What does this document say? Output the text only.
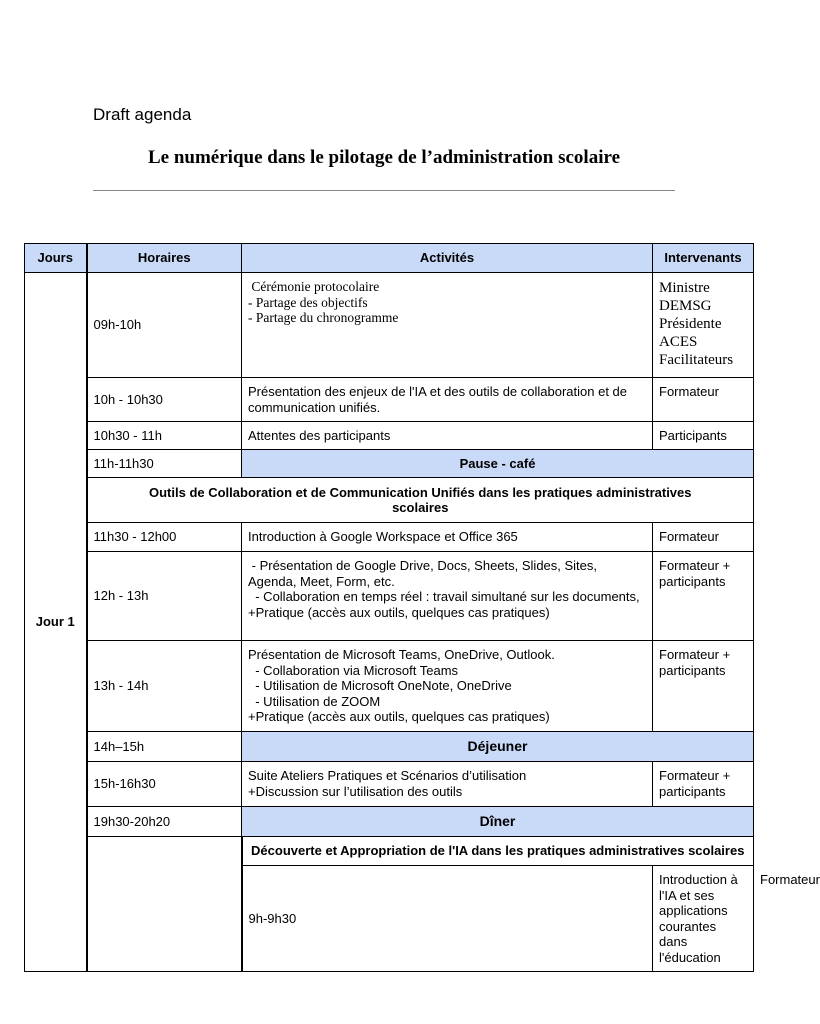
Draft agenda
Le numérique dans le pilotage de l’administration scolaire
Jours	Horaires	Activités	Intervenants	
Jour 1	09h-10h	Cérémonie protocolaire
- Partage des objectifs
- Partage du chronogramme	Ministre
DEMSG
Présidente
ACES
Facilitateurs	

	10h - 10h30	Présentation des enjeux de l'IA et des outils de collaboration et de communication unifiés.	Formateur	
	10h30 - 11h	Attentes des participants	Participants	
	11h-11h30	Pause - café		
	Outils de Collaboration et de Communication Unifiés dans les pratiques administratives scolaires			
	11h30 - 12h00	Introduction à Google Workspace et Office 365	Formateur	
	12h - 13h	- Présentation de Google Drive, Docs, Sheets, Slides, Sites, Agenda, Meet, Form, etc.
- Collaboration en temps réel : travail simultané sur les documents,
+Pratique (accès aux outils, quelques cas pratiques)	Formateur + participants	
	13h - 14h	Présentation de Microsoft Teams, OneDrive, Outlook.
- Collaboration via Microsoft Teams
- Utilisation de Microsoft OneNote, OneDrive
- Utilisation de ZOOM
+Pratique (accès aux outils, quelques cas pratiques)	Formateur + participants	
	14h–15h	Déjeuner		
	15h-16h30	Suite Ateliers Pratiques et Scénarios d’utilisation
+Discussion sur l’utilisation des outils	Formateur + participants	
	19h30-20h20	Dîner		
		Découverte et Appropriation de l'IA dans les pratiques administratives scolaires		
		9h-9h30	Introduction à l'IA et ses applications courantes dans l'éducation	Formateur
